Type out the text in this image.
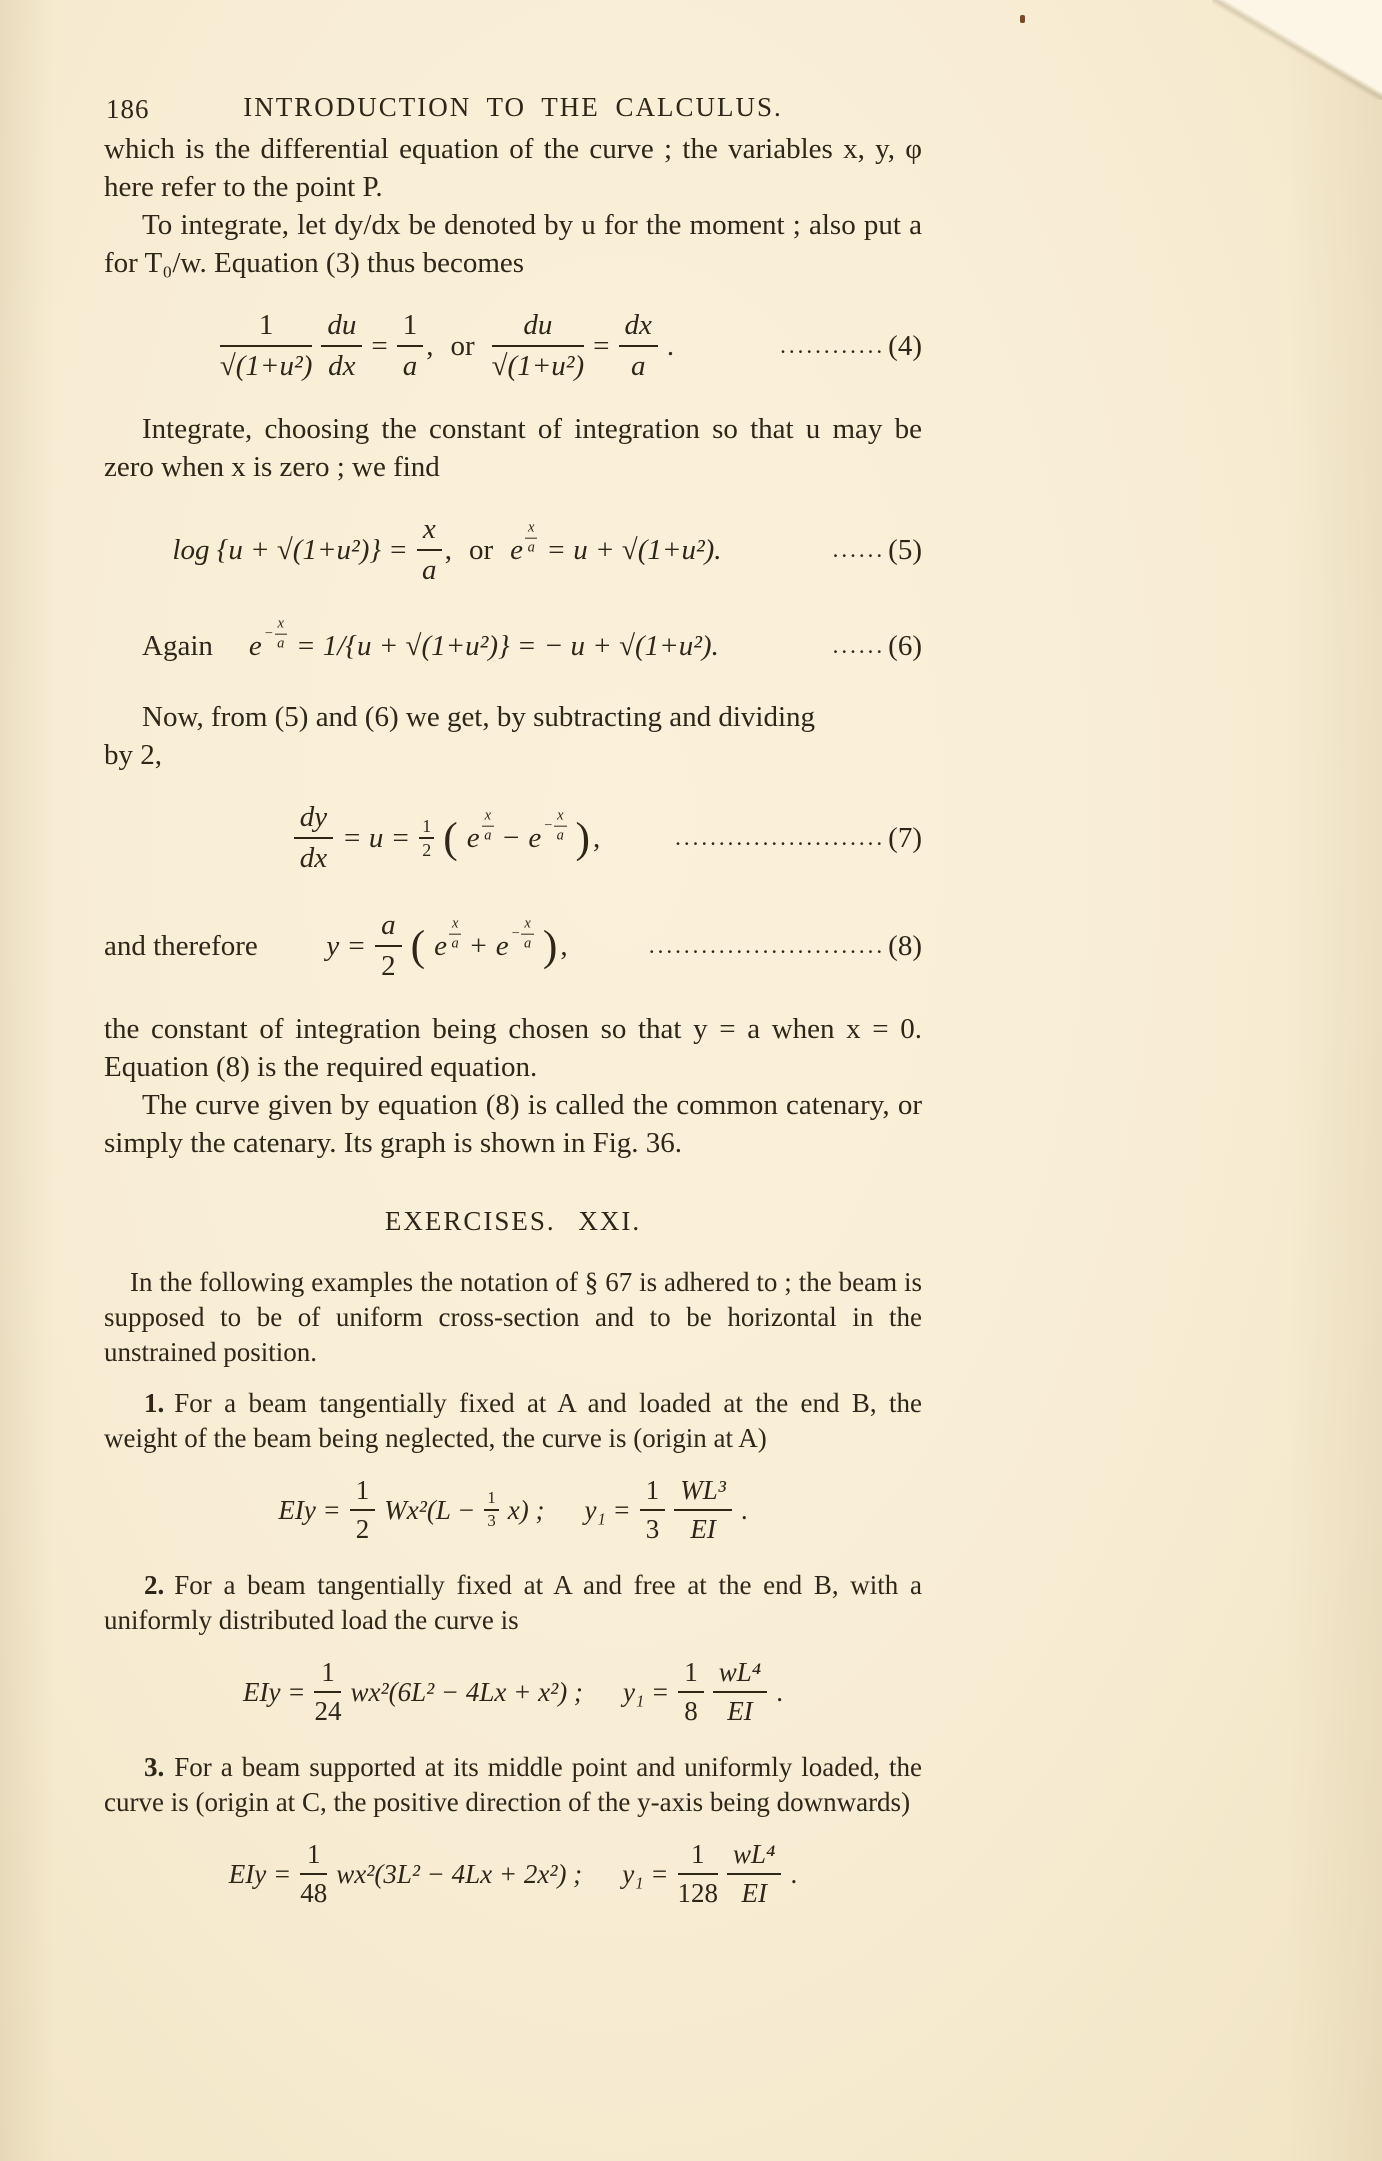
186	INTRODUCTION TO THE CALCULUS.

which is the differential equation of the curve ; the variables x, y, φ here refer to the point P.

To integrate, let dy/dx be denoted by u for the moment ; also put a for T₀/w. Equation (3) thus becomes

$\frac{1}{\text{√(1+u²)}} \frac{du}{dx} = \frac{1}{a}$ , or $\frac{du}{\text{√(1+u²)}} = \frac{dx}{a}$ .	............ (4)

Integrate, choosing the constant of integration so that u may be zero when x is zero ; we find

$\log \{u + √(1+u^2)\} = \frac{x}{a}$ , or e $\frac{x}{a} = u + √(1+u^2)$.	...... (5)
Again $e - \frac{x}{a} = 1/\{u + √(1+u^2)\}$ = − u + √(1+u²).	...... (6)

Now, from (5) and (6) we get, by subtracting and dividing
by 2,

$\frac{dy}{dx} = u = \frac{1}{2}$ ( e $\frac{x}{a} - e - \frac{x}{a}$ ) ,	........................ (7)
and therefore $y = \frac{a}{2}$ ( e $\frac{x}{a} + e - \frac{x}{a}$ ) ,	........................... (8)

the constant of integration being chosen so that y = a when x = 0. Equation (8) is the required equation.

The curve given by equation (8) is called the common catenary, or simply the catenary. Its graph is shown in Fig. 36.

EXERCISES. XXI.

In the following examples the notation of § 67 is adhered to ; the beam is supposed to be of uniform cross-section and to be horizontal in the unstrained position.

1. For a beam tangentially fixed at A and loaded at the end B, the weight of the beam being neglected, the curve is (origin at A)

EIy = $\frac{1}{2} Wx^2(L - \frac{1}{3} x)$ ; $y_1 = \frac{1}{3} \frac{\text{WL³}}{EI}$ .

2. For a beam tangentially fixed at A and free at the end B, with a uniformly distributed load the curve is

EIy = $\frac{1}{24} wx^2(6L^2 - 4Lx + x^2)$ ; $y_1 = \frac{1}{8} \frac{\text{wL⁴}}{EI}$ .

3. For a beam supported at its middle point and uniformly loaded, the curve is (origin at C, the positive direction of the y-axis being downwards)

EIy = $\frac{1}{48} wx^2(3L^2 - 4Lx + 2x^2)$ ; $y_1 = \frac{1}{128} \frac{\text{wL⁴}}{EI}$ .
